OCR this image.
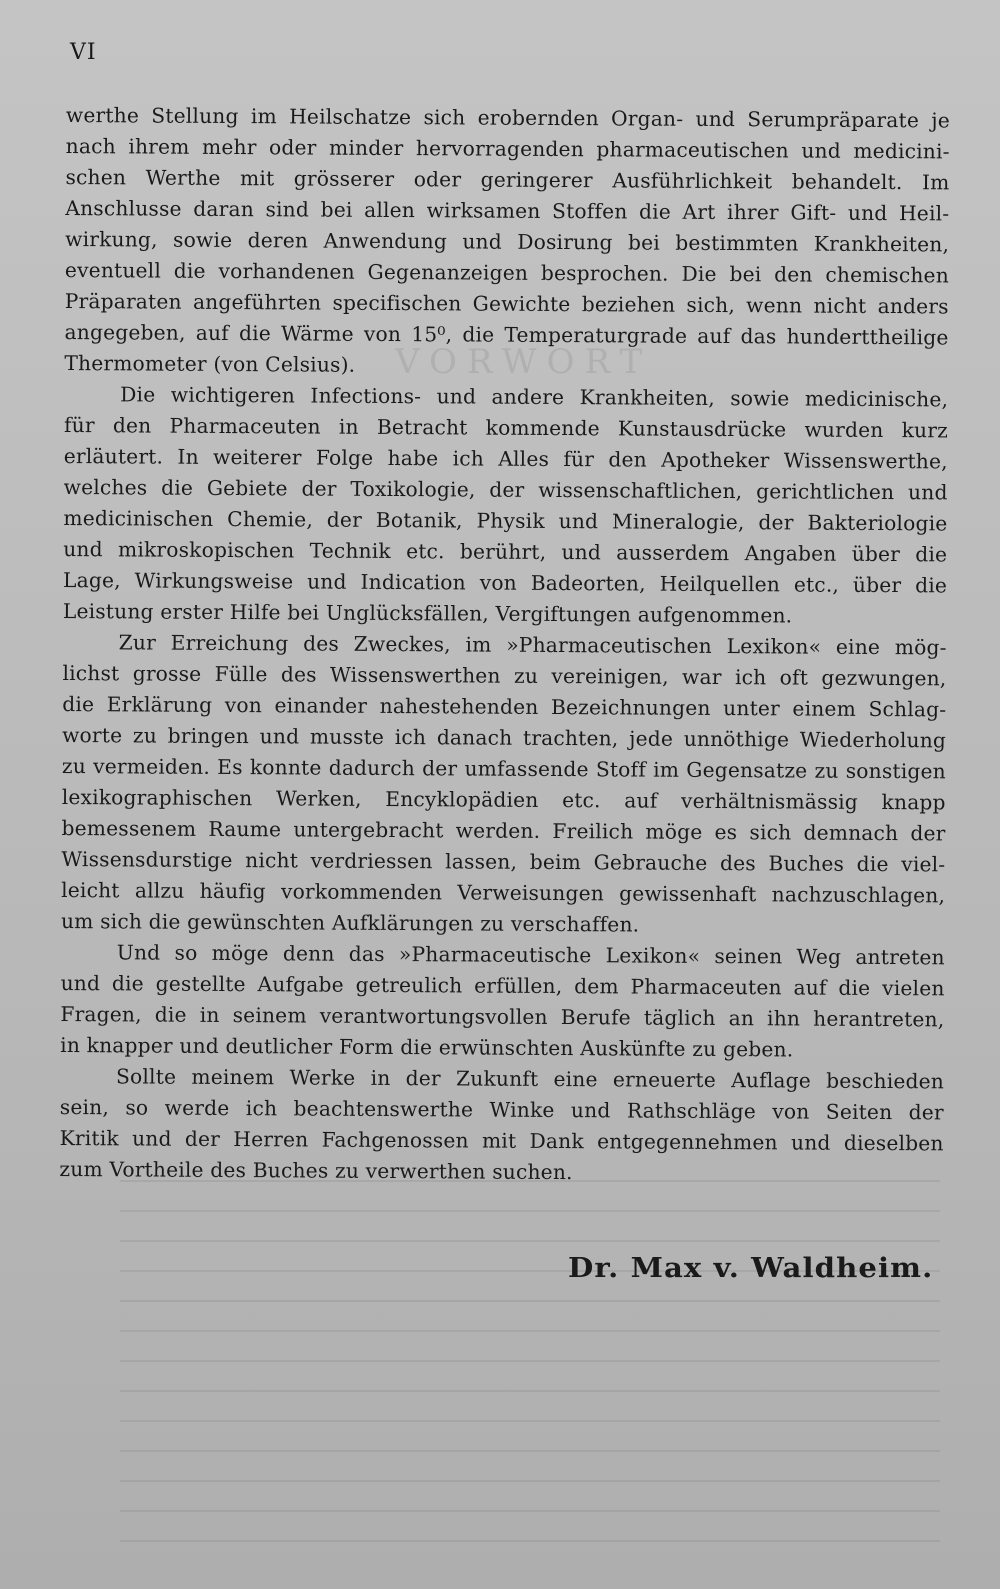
VORWORT
VI

werthe Stellung im Heilschatze sich erobernden Organ- und Serumpräparate je

nach ihrem mehr oder minder hervorragenden pharmaceutischen und medicini-

schen Werthe mit grösserer oder geringerer Ausführlichkeit behandelt. Im

Anschlusse daran sind bei allen wirksamen Stoffen die Art ihrer Gift- und Heil-

wirkung, sowie deren Anwendung und Dosirung bei bestimmten Krankheiten,

eventuell die vorhandenen Gegenanzeigen besprochen. Die bei den chemischen

Präparaten angeführten specifischen Gewichte beziehen sich, wenn nicht anders

angegeben, auf die Wärme von 15⁰, die Temperaturgrade auf das hunderttheilige

Thermometer (von Celsius).

Die wichtigeren Infections- und andere Krankheiten, sowie medicinische,

für den Pharmaceuten in Betracht kommende Kunstausdrücke wurden kurz

erläutert. In weiterer Folge habe ich Alles für den Apotheker Wissenswerthe,

welches die Gebiete der Toxikologie, der wissenschaftlichen, gerichtlichen und

medicinischen Chemie, der Botanik, Physik und Mineralogie, der Bakteriologie

und mikroskopischen Technik etc. berührt, und ausserdem Angaben über die

Lage, Wirkungsweise und Indication von Badeorten, Heilquellen etc., über die

Leistung erster Hilfe bei Unglücksfällen, Vergiftungen aufgenommen.

Zur Erreichung des Zweckes, im »Pharmaceutischen Lexikon« eine mög-

lichst grosse Fülle des Wissenswerthen zu vereinigen, war ich oft gezwungen,

die Erklärung von einander nahestehenden Bezeichnungen unter einem Schlag-

worte zu bringen und musste ich danach trachten, jede unnöthige Wiederholung

zu vermeiden. Es konnte dadurch der umfassende Stoff im Gegensatze zu sonstigen

lexikographischen Werken, Encyklopädien etc. auf verhältnismässig knapp

bemessenem Raume untergebracht werden. Freilich möge es sich demnach der

Wissensdurstige nicht verdriessen lassen, beim Gebrauche des Buches die viel-

leicht allzu häufig vorkommenden Verweisungen gewissenhaft nachzuschlagen,

um sich die gewünschten Aufklärungen zu verschaffen.

Und so möge denn das »Pharmaceutische Lexikon« seinen Weg antreten

und die gestellte Aufgabe getreulich erfüllen, dem Pharmaceuten auf die vielen

Fragen, die in seinem verantwortungsvollen Berufe täglich an ihn herantreten,

in knapper und deutlicher Form die erwünschten Auskünfte zu geben.

Sollte meinem Werke in der Zukunft eine erneuerte Auflage beschieden

sein, so werde ich beachtenswerthe Winke und Rathschläge von Seiten der

Kritik und der Herren Fachgenossen mit Dank entgegennehmen und dieselben

zum Vortheile des Buches zu verwerthen suchen.

Dr. Max v. Waldheim.
